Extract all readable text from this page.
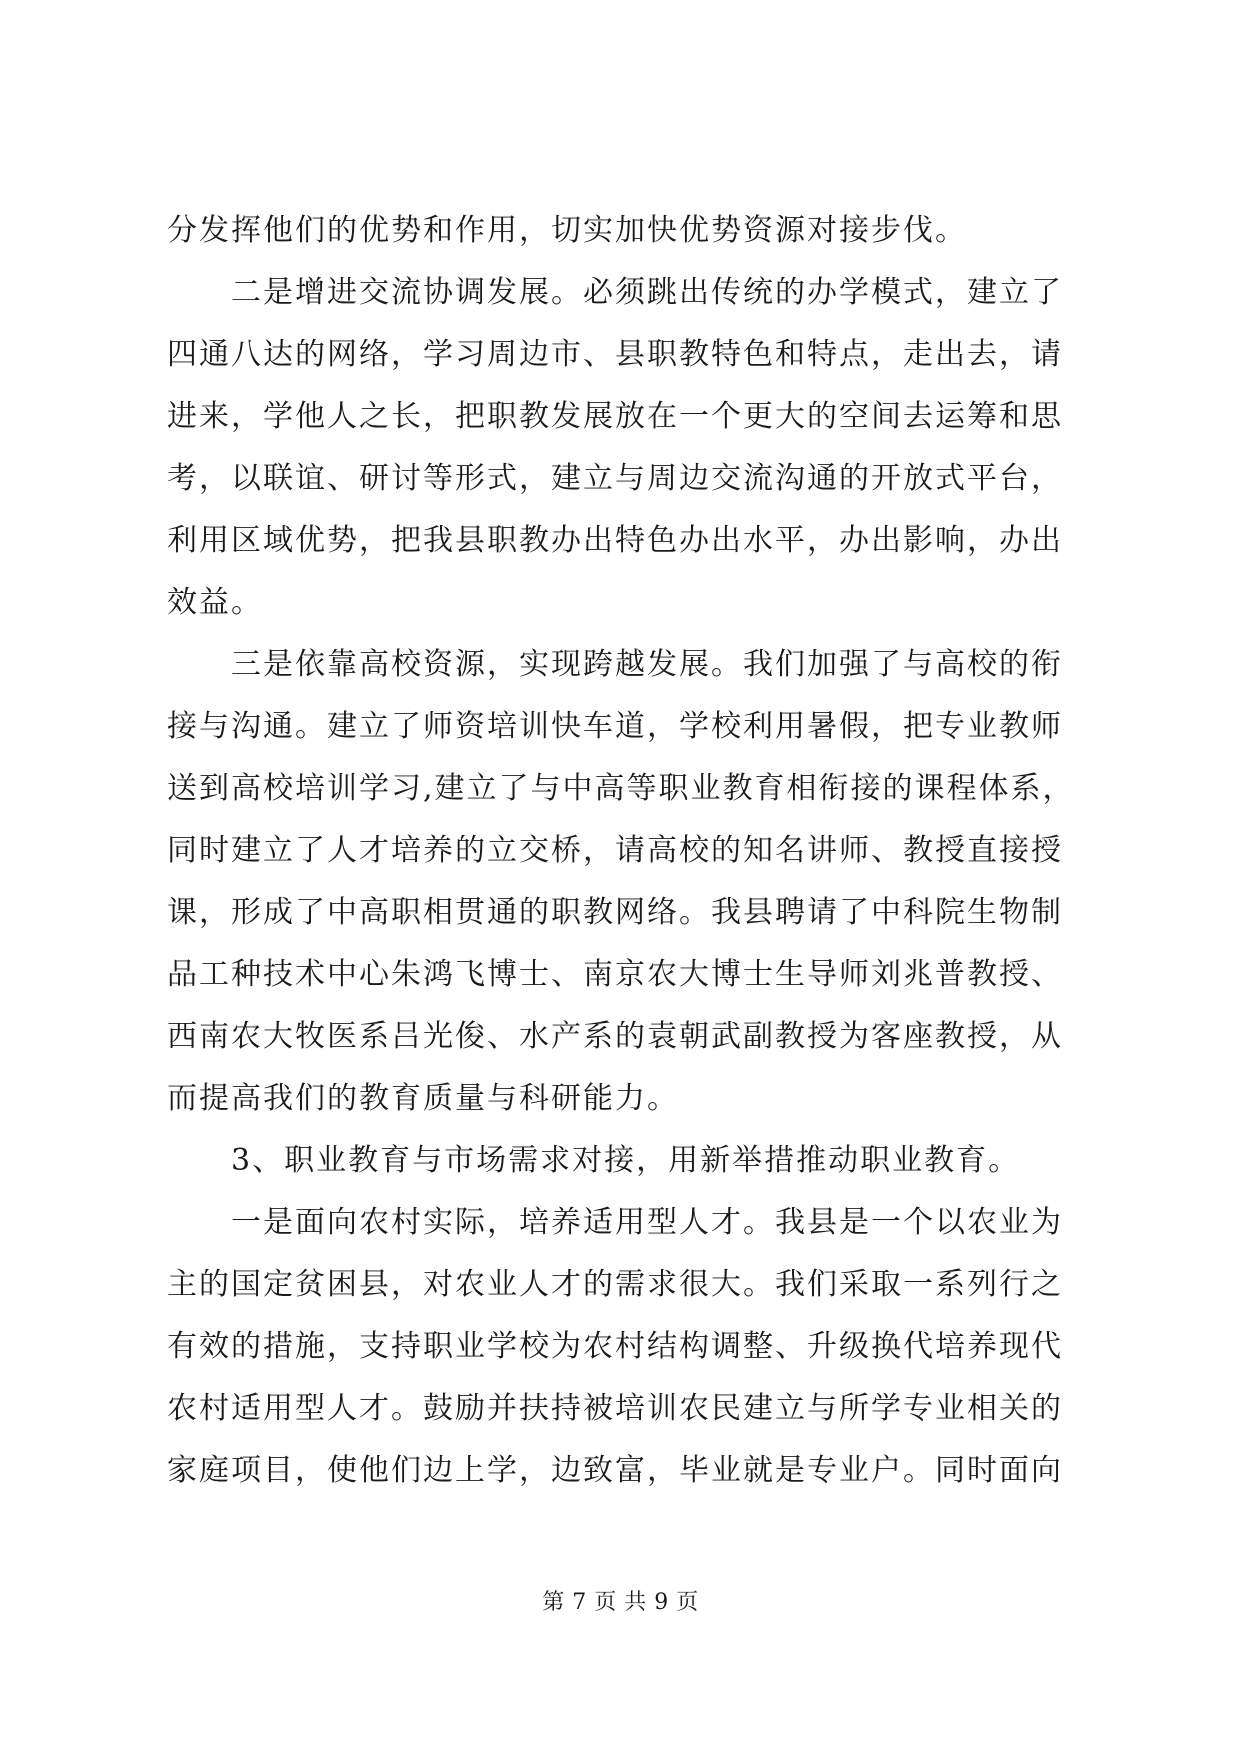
分发挥他们的优势和作用，切实加快优势资源对接步伐。
　　二是增进交流协调发展。必须跳出传统的办学模式，建立了
四通八达的网络，学习周边市、县职教特色和特点，走出去，请
进来，学他人之长，把职教发展放在一个更大的空间去运筹和思
考，以联谊、研讨等形式，建立与周边交流沟通的开放式平台，
利用区域优势，把我县职教办出特色办出水平，办出影响，办出
效益。
　　三是依靠高校资源，实现跨越发展。我们加强了与高校的衔
接与沟通。建立了师资培训快车道，学校利用暑假，把专业教师
送到高校培训学习,建立了与中高等职业教育相衔接的课程体系，
同时建立了人才培养的立交桥，请高校的知名讲师、教授直接授
课，形成了中高职相贯通的职教网络。我县聘请了中科院生物制
品工种技术中心朱鸿飞博士、南京农大博士生导师刘兆普教授、
西南农大牧医系吕光俊、水产系的袁朝武副教授为客座教授，从
而提高我们的教育质量与科研能力。
　　3、职业教育与市场需求对接，用新举措推动职业教育。
　　一是面向农村实际，培养适用型人才。我县是一个以农业为
主的国定贫困县，对农业人才的需求很大。我们采取一系列行之
有效的措施，支持职业学校为农村结构调整、升级换代培养现代
农村适用型人才。鼓励并扶持被培训农民建立与所学专业相关的
家庭项目，使他们边上学，边致富，毕业就是专业户。同时面向
第 7 页 共 9 页
